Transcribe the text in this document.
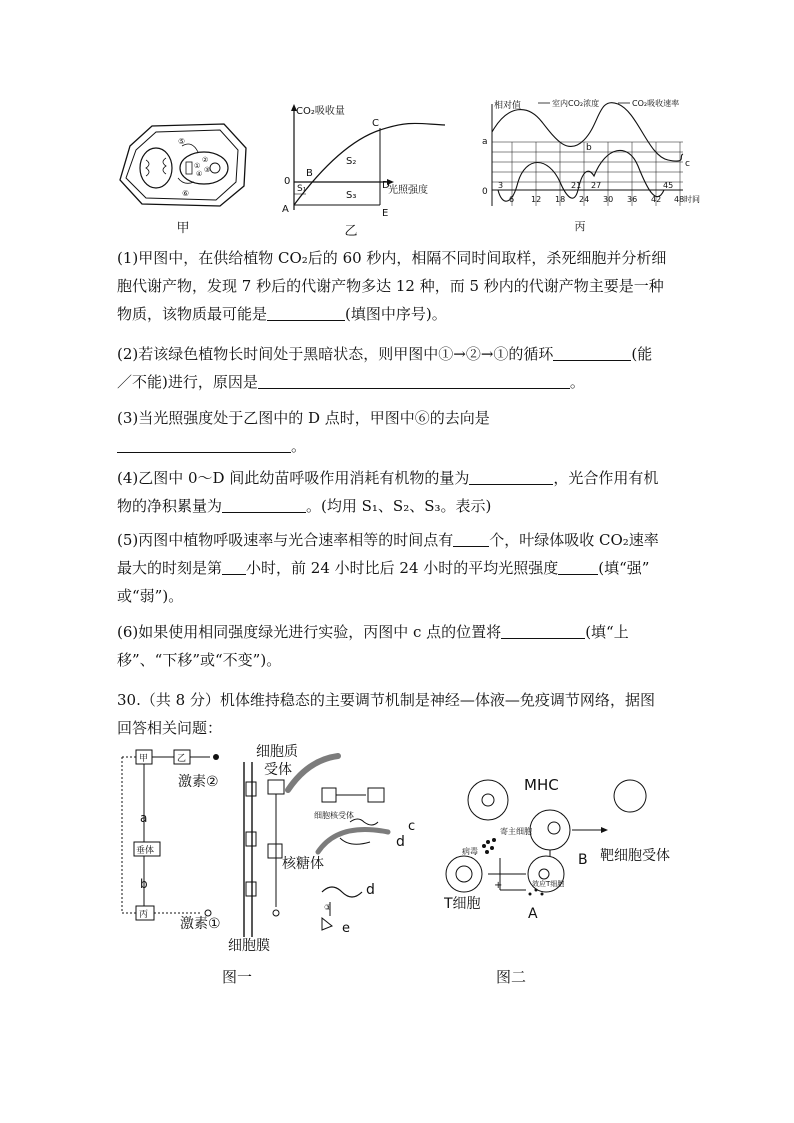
⑤
①
②
③
④
⑥
甲
CO₂吸收量
光照强度
C
B
D
A	E
0
S₁
S₂
S₃
乙
相对值	室内CO₂浓度	CO₂吸收速率
a
b
c
0
时间
6 12 18 24 30 36 42 48
3	21 27	45
丙
(1)甲图中，在供给植物 CO₂后的 60 秒内，相隔不同时间取样，杀死细胞并分析细
胞代谢产物，发现 7 秒后的代谢产物多达 12 种，而 5 秒内的代谢产物主要是一种
物质，该物质最可能是	(填图中序号)。
(2)若该绿色植物长时间处于黑暗状态，则甲图中①→②→①的循环	(能
／不能)进行，原因是	。
(3)当光照强度处于乙图中的 D 点时，甲图中⑥的去向是
。
(4)乙图中 0～D 间此幼苗呼吸作用消耗有机物的量为	，光合作用有机
物的净积累量为	。(均用 S₁、S₂、S₃。表示)
(5)丙图中植物呼吸速率与光合速率相等的时间点有 个，叶绿体吸收 CO₂速率
最大的时刻是第 小时，前 24 小时比后 24 小时的平均光照强度	(填“强”
或“弱”)。
(6)如果使用相同强度绿光进行实验，丙图中 c 点的位置将	(填“上
移”、“下移”或“不变”)。
30.（共 8 分）机体维持稳态的主要调节机制是神经—体液—免疫调节网络，据图
回答相关问题：
激素②
激素①
甲	乙
垂体
丙
a
b
细胞质
受体
细胞核受体
核糖体
细胞膜
c
d
d
e
③
图一
MHC
寄主细胞
病毒
B 靶细胞受体
T细胞
A
效应T细胞
+
图二
